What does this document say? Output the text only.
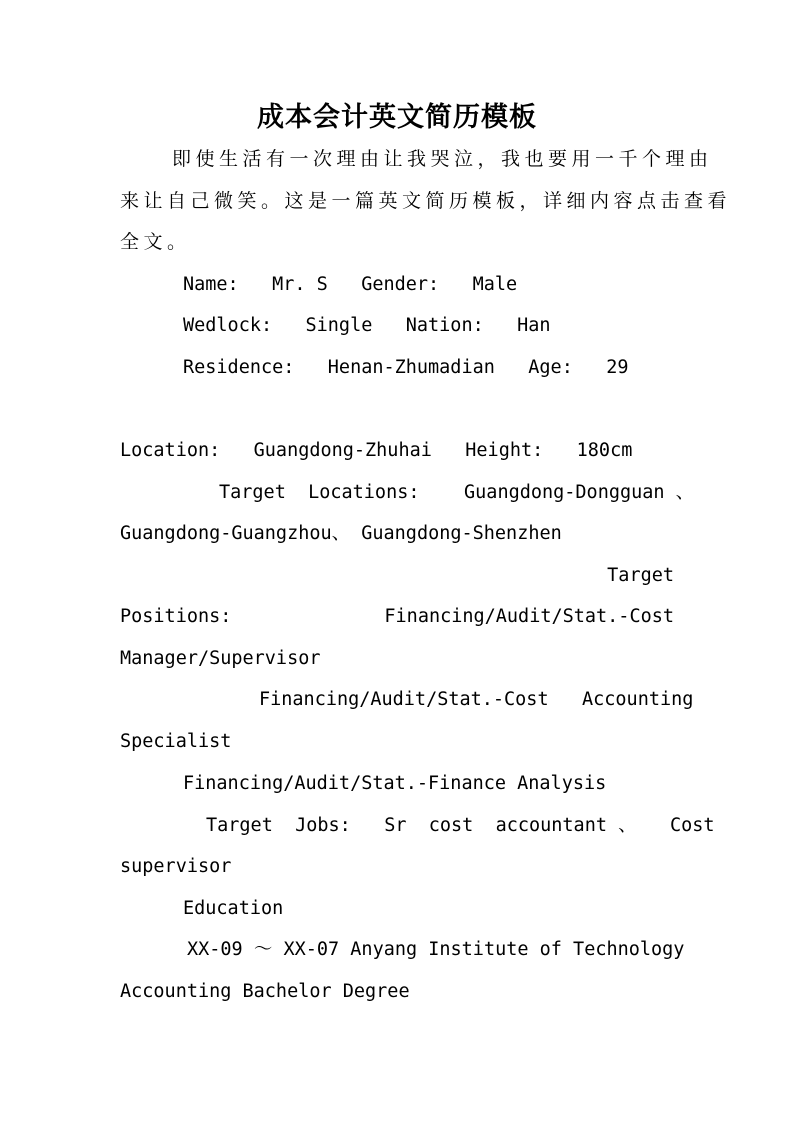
成本会计英文简历模板
即使生活有一次理由让我哭泣，我也要用一千个理由
来让自己微笑。这是一篇英文简历模板，详细内容点击查看
全文。
Name:   Mr. S   Gender:   Male
Wedlock:   Single   Nation:   Han
Residence:   Henan-Zhumadian   Age:   29
Location:   Guangdong-Zhuhai   Height:   180cm
Target  Locations:    Guangdong-Dongguan 、
Guangdong-Guangzhou、 Guangdong-Shenzhen
Target
Positions:	Financing/Audit/Stat.-Cost
Manager/Supervisor
Financing/Audit/Stat.-Cost   Accounting
Specialist
Financing/Audit/Stat.-Finance Analysis
Target  Jobs:   Sr  cost  accountant 、   Cost
supervisor
Education
XX-09 ～ XX-07 Anyang Institute of Technology
Accounting Bachelor Degree
